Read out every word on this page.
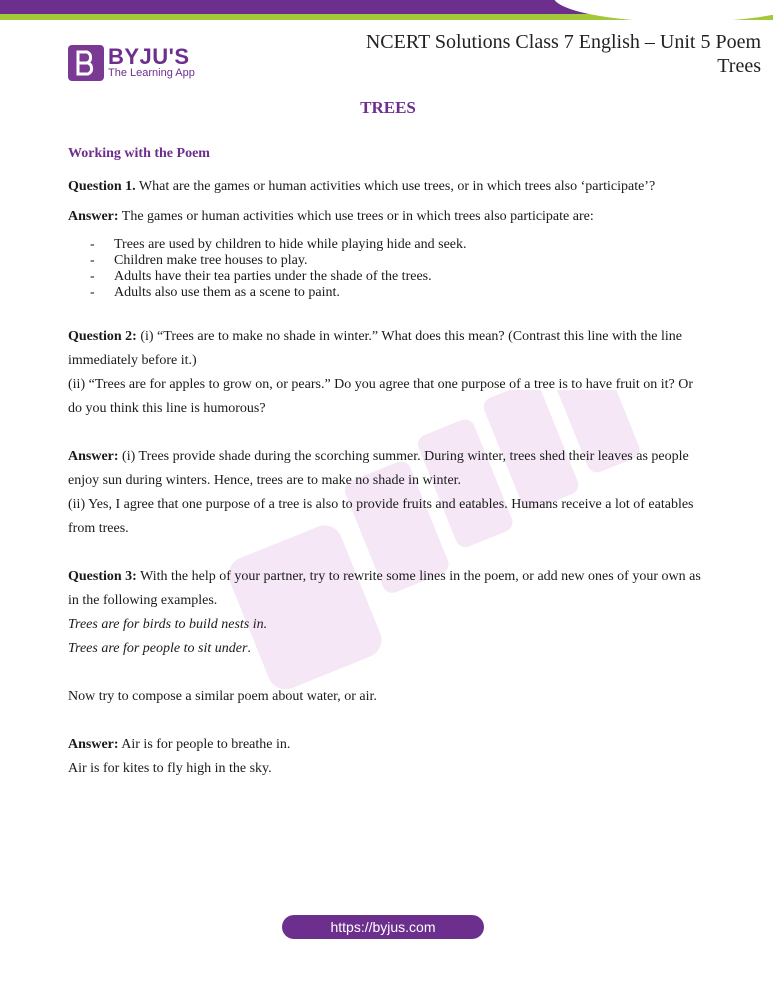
BYJU'S
The Learning App
NCERT Solutions Class 7 English – Unit 5 Poem
Trees
TREES
Working with the Poem

Question 1. What are the games or human activities which use trees, or in which trees also ‘participate’?

Answer: The games or human activities which use trees or in which trees also participate are:

- Trees are used by children to hide while playing hide and seek.
- Children make tree houses to play.
- Adults have their tea parties under the shade of the trees.
- Adults also use them as a scene to paint.

Question 2: (i) “Trees are to make no shade in winter.” What does this mean? (Contrast this line with the line immediately before it.)

(ii) “Trees are for apples to grow on, or pears.” Do you agree that one purpose of a tree is to have fruit on it? Or do you think this line is humorous?

Answer: (i) Trees provide shade during the scorching summer. During winter, trees shed their leaves as people enjoy sun during winters. Hence, trees are to make no shade in winter.

(ii) Yes, I agree that one purpose of a tree is also to provide fruits and eatables. Humans receive a lot of eatables from trees.

Question 3: With the help of your partner, try to rewrite some lines in the poem, or add new ones of your own as in the following examples.

Trees are for birds to build nests in.

Trees are for people to sit under.

Now try to compose a similar poem about water, or air.

Answer: Air is for people to breathe in.

Air is for kites to fly high in the sky.

https://byjus.com
